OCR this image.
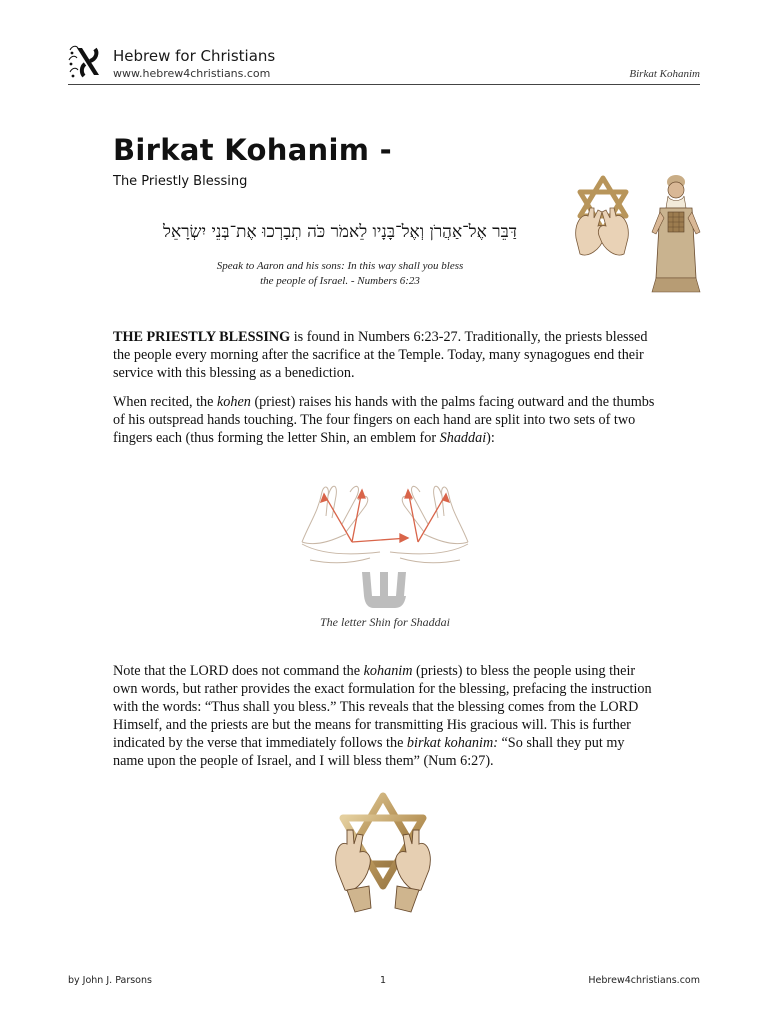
Hebrew for Christians
www.hebrew4christians.com	Birkat Kohanim
Birkat Kohanim -
The Priestly Blessing
דַּבֵּר אֶל־אַהֲרֹן וְאֶל־בָּנָיו לֵאמֹר כֹּה תְבָרְכוּ אֶת־בְּנֵי יִשְׂרָאֵל
Speak to Aaron and his sons: In this way shall you bless
the people of Israel. - Numbers 6:23
THE PRIESTLY BLESSING is found in Numbers 6:23-27. Traditionally, the priests blessed the people every morning after the sacrifice at the Temple. Today, many synagogues end their service with this blessing as a benediction.
When recited, the kohen (priest) raises his hands with the palms facing outward and the thumbs of his outspread hands touching. The four fingers on each hand are split into two sets of two fingers each (thus forming the letter Shin, an emblem for Shaddai):
The letter Shin for Shaddai
Note that the LORD does not command the kohanim (priests) to bless the people using their own words, but rather provides the exact formulation for the blessing, prefacing the instruction with the words: “Thus shall you bless.” This reveals that the blessing comes from the LORD Himself, and the priests are but the means for transmitting His gracious will. This is further indicated by the verse that immediately follows the birkat kohanim: “So shall they put my name upon the people of Israel, and I will bless them” (Num 6:27).
by John J. Parsons	1	Hebrew4christians.com
